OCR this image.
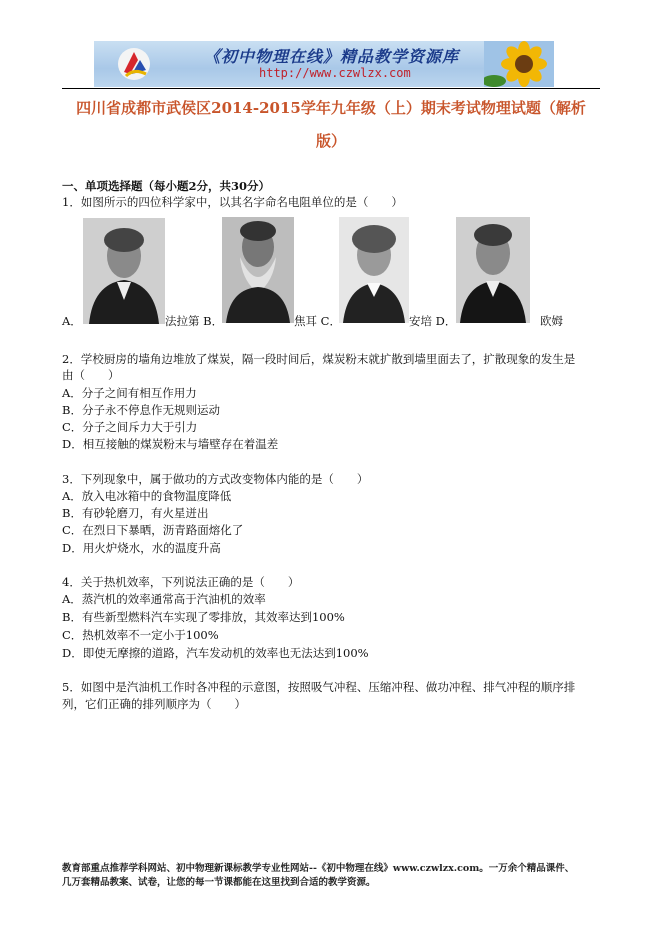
《初中物理在线》精品教学资源库
http://www.czwlzx.com
四川省成都市武侯区2014-2015学年九年级（上）期末考试物理试题（解析
版）
一、单项选择题（每小题2分，共30分）
1．如图所示的四位科学家中，以其名字命名电阻单位的是（　　）
A．	法拉第 B．	焦耳 C．	安培 D．	欧姆
2．学校厨房的墙角边堆放了煤炭，隔一段时间后，煤炭粉末就扩散到墙里面去了，扩散现象的发生是
由（　　）
A．分子之间有相互作用力
B．分子永不停息作无规则运动
C．分子之间斥力大于引力
D．相互接触的煤炭粉末与墙壁存在着温差
3．下列现象中，属于做功的方式改变物体内能的是（　　）
A．放入电冰箱中的食物温度降低
B．有砂轮磨刀，有火星迸出
C．在烈日下暴晒，沥青路面熔化了
D．用火炉烧水，水的温度升高
4．关于热机效率，下列说法正确的是（　　）
A．蒸汽机的效率通常高于汽油机的效率
B．有些新型燃料汽车实现了零排放，其效率达到100%
C．热机效率不一定小于100%
D．即使无摩擦的道路，汽车发动机的效率也无法达到100%
5．如图中是汽油机工作时各冲程的示意图，按照吸气冲程、压缩冲程、做功冲程、排气冲程的顺序排
列，它们正确的排列顺序为（　　）
教育部重点推荐学科网站、初中物理新课标教学专业性网站--《初中物理在线》www.czwlzx.com。一万余个精品课件、
几万套精品教案、试卷，让您的每一节课都能在这里找到合适的教学资源。
